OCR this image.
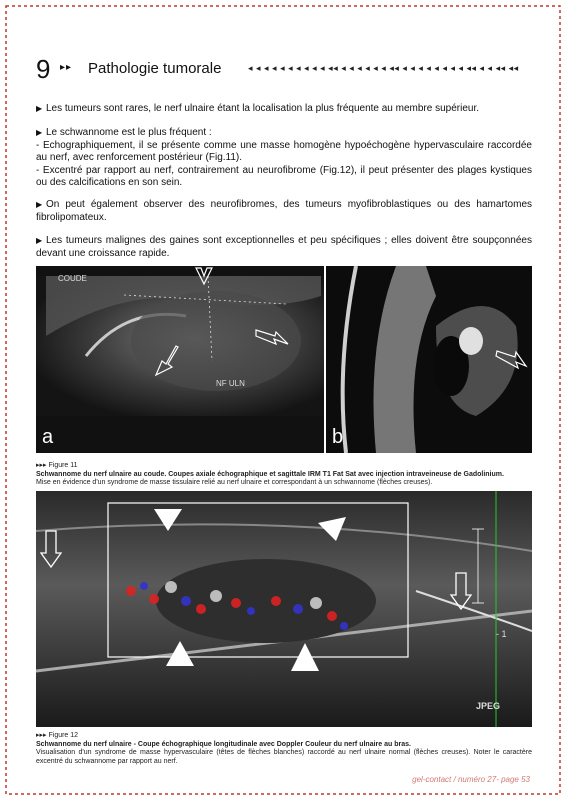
9 ▸▸ Pathologie tumorale	◂ ◂ ◂ ◂ ◂ ◂ ◂ ◂ ◂ ◂ ◂◂ ◂ ◂ ◂ ◂ ◂ ◂ ◂◂ ◂ ◂ ◂ ◂ ◂ ◂ ◂ ◂ ◂◂ ◂ ◂ ◂◂ ◂◂
▶ Les tumeurs sont rares, le nerf ulnaire étant la localisation la plus fréquente au membre supérieur.
▶ Le schwannome est le plus fréquent :
- Echographiquement, il se présente comme une masse homogène hypoéchogène hypervasculaire raccordée au nerf, avec renforcement postérieur (Fig.11).
- Excentré par rapport au nerf, contrairement au neurofibrome (Fig.12), il peut présenter des plages kystiques ou des calcifications en son sein.
▶ On peut également observer des neurofibromes, des tumeurs myofibroblastiques ou des hamartomes fibrolipomateux.
▶ Les tumeurs malignes des gaines sont exceptionnelles et peu spécifiques ; elles doivent être soupçonnées devant une croissance rapide.
COUDE
NF ULN
a	b
▸▸▸ Figure 11
Schwannome du nerf ulnaire au coude. Coupes axiale échographique et sagittale IRM T1 Fat Sat avec injection intraveineuse de Gadolinium.
Mise en évidence d'un syndrome de masse tissulaire relié au nerf ulnaire et correspondant à un schwannome (flèches creuses).
- 1
JPEG
▸▸▸ Figure 12
Schwannome du nerf ulnaire - Coupe échographique longitudinale avec Doppler Couleur du nerf ulnaire au bras.
Visualisation d'un syndrome de masse hypervasculaire (têtes de flèches blanches) raccordé au nerf ulnaire normal (flèches creuses). Noter le caractère excentré du schwannome par rapport au nerf.
gel-contact / numéro 27- page 53
